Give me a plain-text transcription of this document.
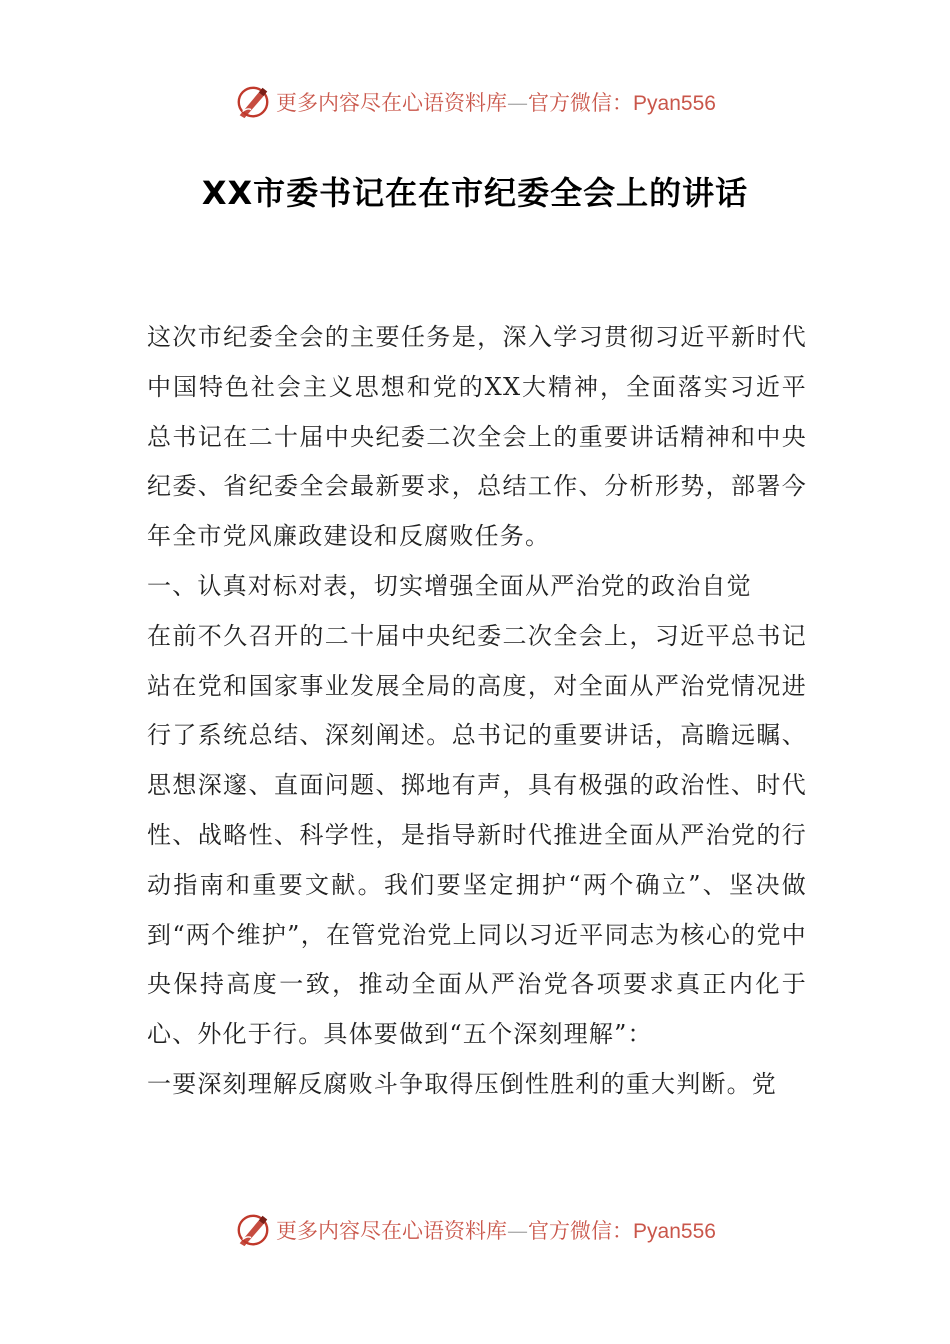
更多内容尽在心语资料库—官方微信：Pyan556
XX市委书记在在市纪委全会上的讲话

这次市纪委全会的主要任务是，深入学习贯彻习近平新时代中国特色社会主义思想和党的XX大精神，全面落实习近平总书记在二十届中央纪委二次全会上的重要讲话精神和中央纪委、省纪委全会最新要求，总结工作、分析形势，部署今年全市党风廉政建设和反腐败任务。

一、认真对标对表，切实增强全面从严治党的政治自觉

在前不久召开的二十届中央纪委二次全会上，习近平总书记站在党和国家事业发展全局的高度，对全面从严治党情况进行了系统总结、深刻阐述。总书记的重要讲话，高瞻远瞩、思想深邃、直面问题、掷地有声，具有极强的政治性、时代性、战略性、科学性，是指导新时代推进全面从严治党的行动指南和重要文献。我们要坚定拥护“两个确立”、坚决做到“两个维护”，在管党治党上同以习近平同志为核心的党中央保持高度一致，推动全面从严治党各项要求真正内化于心、外化于行。具体要做到“五个深刻理解”：

一要深刻理解反腐败斗争取得压倒性胜利的重大判断。党

更多内容尽在心语资料库—官方微信：Pyan556
